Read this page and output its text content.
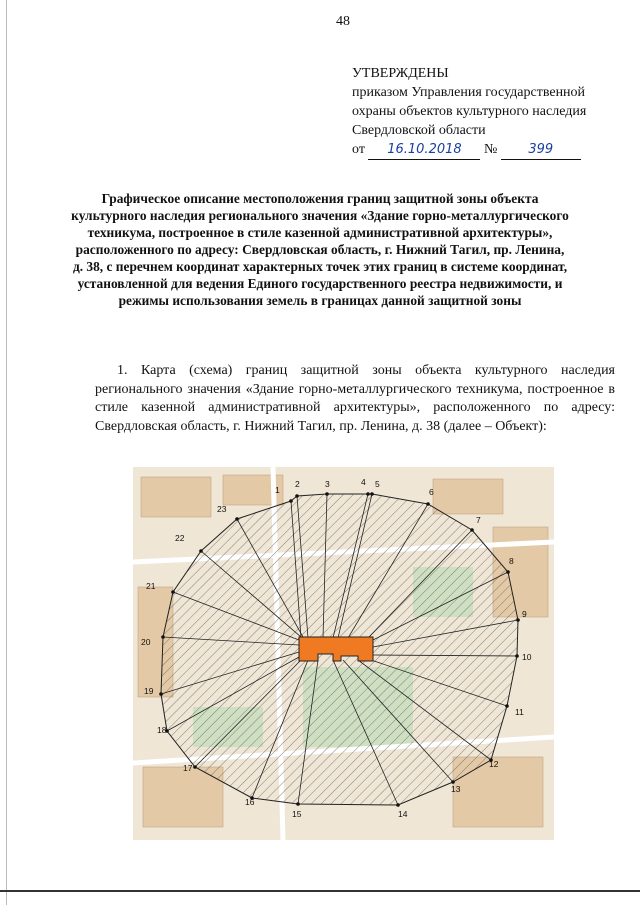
48
УТВЕРЖДЕНЫ
приказом Управления государственной
охраны объектов культурного наследия
Свердловской области
от 16.10.2018 № 399
Графическое описание местоположения границ защитной зоны объекта культурного наследия регионального значения «Здание горно-металлургического техникума, построенное в стиле казенной административной архитектуры», расположенного по адресу: Свердловская область, г. Нижний Тагил, пр. Ленина, д. 38, с перечнем координат характерных точек этих границ в системе координат, установленной для ведения Единого государственного реестра недвижимости, и режимы использования земель в границах данной защитной зоны
1. Карта (схема) границ защитной зоны объекта культурного наследия регионального значения «Здание горно-металлургического техникума, построенное в стиле казенной административной архитектуры», расположенного по адресу: Свердловская область, г. Нижний Тагил, пр. Ленина, д. 38 (далее – Объект):
1
2	3	4 5
6
7
8
9
10
11
12
13
14
15
16
17
18
19
20
21
22
23
